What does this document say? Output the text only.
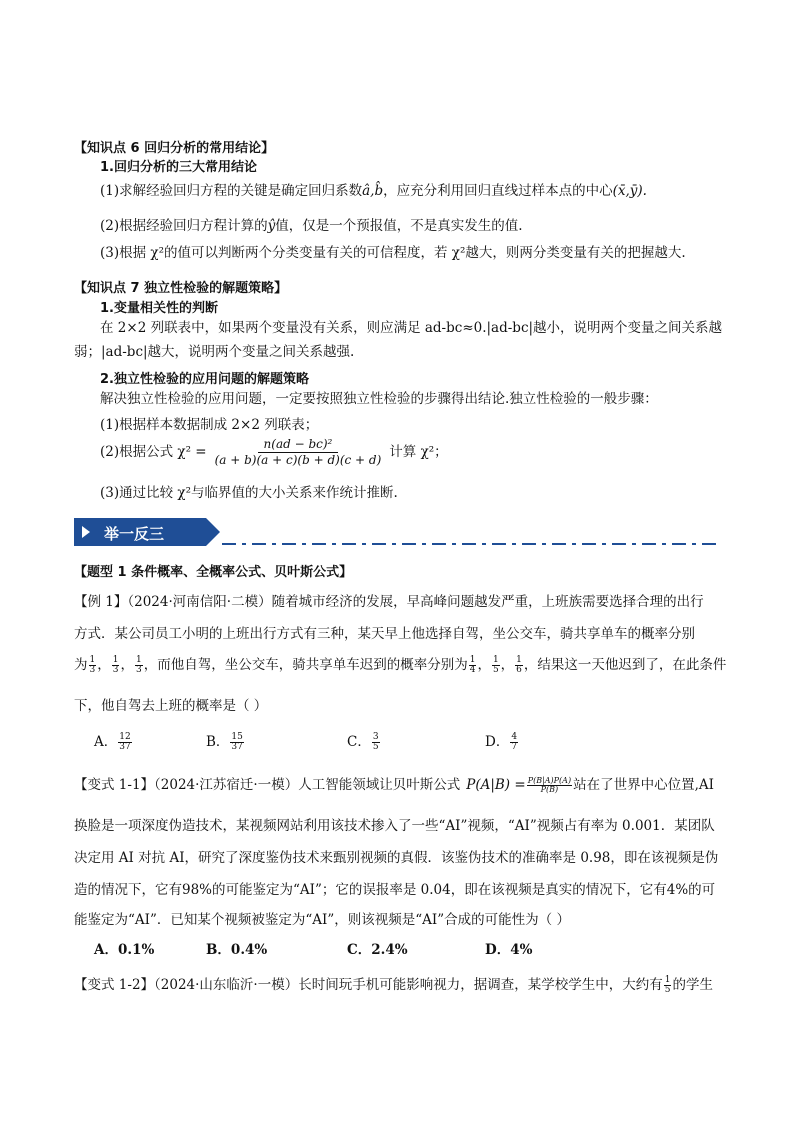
【知识点 6 回归分析的常用结论】
1.回归分析的三大常用结论
(1)求解经验回归方程的关键是确定回归系数â,b̂，应充分利用回归直线过样本点的中心(x̄,ȳ).
(2)根据经验回归方程计算的ŷ值，仅是一个预报值，不是真实发生的值.
(3)根据 χ²的值可以判断两个分类变量有关的可信程度，若 χ²越大，则两分类变量有关的把握越大.
【知识点 7 独立性检验的解题策略】
1.变量相关性的判断
在 2×2 列联表中，如果两个变量没有关系，则应满足 ad-bc≈0.|ad-bc|越小，说明两个变量之间关系越
弱；|ad-bc|越大，说明两个变量之间关系越强.
2.独立性检验的应用问题的解题策略
解决独立性检验的应用问题，一定要按照独立性检验的步骤得出结论.独立性检验的一般步骤：
(1)根据样本数据制成 2×2 列联表；
(2)根据公式 $\chi^2 = \frac{\text{n(ad − bc)²}}{(a + b)(a + c)(b + d)(c + d)}$ 计算 χ²；
(3)通过比较 χ²与临界值的大小关系来作统计推断.
举一反三
【题型 1 条件概率、全概率公式、贝叶斯公式】
【例 1】（2024·河南信阳·二模）随着城市经济的发展，早高峰问题越发严重，上班族需要选择合理的出行
方式．某公司员工小明的上班出行方式有三种，某天早上他选择自驾，坐公交车，骑共享单车的概率分别
为 $\frac{1}{3}$ ， $\frac{1}{3}$ ， $\frac{1}{3}$ ，而他自驾，坐公交车，骑共享单车迟到的概率分别为 $\frac{1}{4}$ ， $\frac{1}{5}$ ， $\frac{1}{6}$ ，结果这一天他迟到了，在此条件
下，他自驾去上班的概率是（ ）
A． $\frac{12}{37}$	B． $\frac{15}{37}$	C． $\frac{3}{5}$	D． $\frac{4}{7}$
【变式 1-1】（2024·江苏宿迁·一模）人工智能领域让贝叶斯公式 $P(A|B) = \frac{P(B|A)P(A)}{P(B)}$ 站在了世界中心位置,AI
换脸是一项深度伪造技术，某视频网站利用该技术掺入了一些“AI”视频，“AI”视频占有率为 0.001．某团队
决定用 AI 对抗 AI，研究了深度鉴伪技术来甄别视频的真假．该鉴伪技术的准确率是 0.98，即在该视频是伪
造的情况下，它有98%的可能鉴定为“AI”；它的误报率是 0.04，即在该视频是真实的情况下，它有4%的可
能鉴定为“AI”．已知某个视频被鉴定为“AI”，则该视频是“AI”合成的可能性为（ ）
A．0.1%	B．0.4%	C．2.4%	D．4%
【变式 1-2】（2024·山东临沂·一模）长时间玩手机可能影响视力，据调查，某学校学生中，大约有 $\frac{1}{5}$ 的学生
